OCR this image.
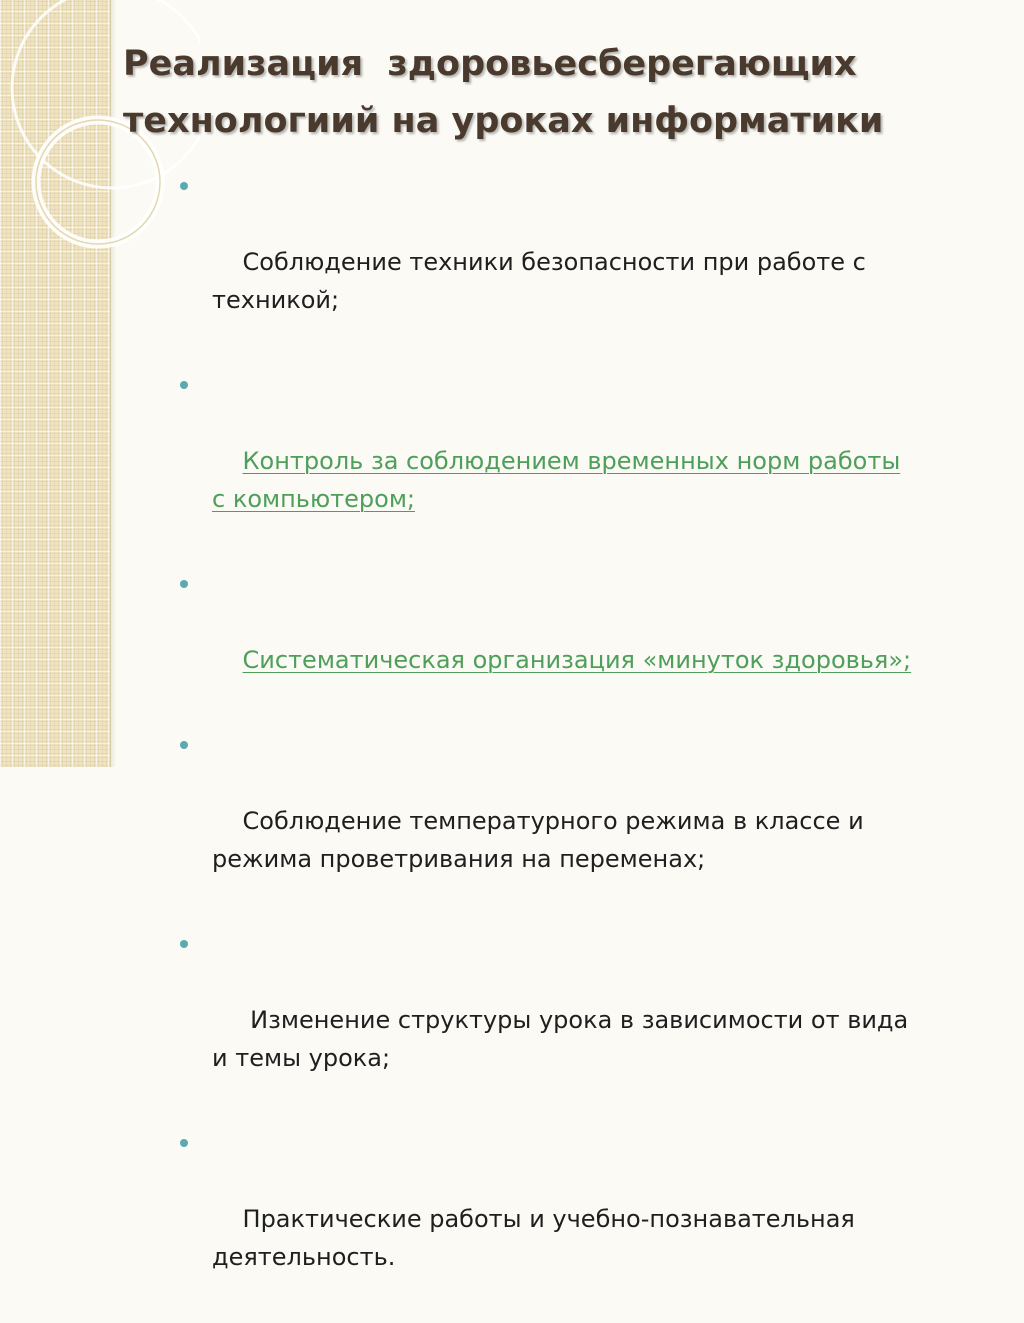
Реализация  здоровьесберегающих
технологиий на уроках информатики

Соблюдение техники безопасности при работе с
техникой;

Контроль за соблюдением временных норм работы
с компьютером;

Систематическая организация «минуток здоровья»;

Соблюдение температурного режима в классе и
режима проветривания на переменах;

Изменение структуры урока в зависимости от вида
и темы урока;

Практические работы и учебно-познавательная
деятельность.
